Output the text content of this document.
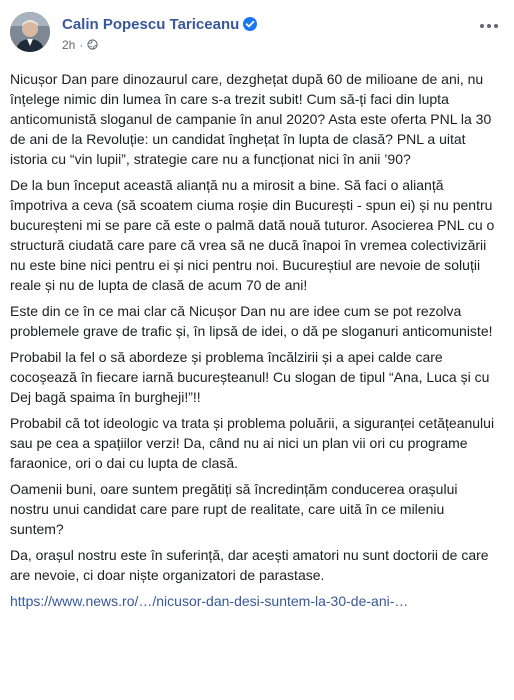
Calin Popescu Tariceanu
2h ·

Nicușor Dan pare dinozaurul care, dezghețat după 60 de milioane de ani, nu înțelege nimic din lumea în care s-a trezit subit! Cum să-ți faci din lupta anticomunistă sloganul de campanie în anul 2020? Asta este oferta PNL la 30 de ani de la Revoluție: un candidat înghețat în lupta de clasă? PNL a uitat istoria cu “vin lupii”, strategie care nu a funcționat nici în anii ’90?

De la bun început această alianță nu a mirosit a bine. Să faci o alianță împotriva a ceva (să scoatem ciuma roșie din București - spun ei) și nu pentru bucureșteni mi se pare că este o palmă dată nouă tuturor. Asocierea PNL cu o structură ciudată care pare că vrea să ne ducă înapoi în vremea colectivizării nu este bine nici pentru ei și nici pentru noi. Bucureștiul are nevoie de soluții reale și nu de lupta de clasă de acum 70 de ani!

Este din ce în ce mai clar că Nicușor Dan nu are idee cum se pot rezolva problemele grave de trafic și, în lipsă de idei, o dă pe sloganuri anticomuniste!

Probabil la fel o să abordeze și problema încălzirii și a apei calde care cocoșează în fiecare iarnă bucureșteanul! Cu slogan de tipul “Ana, Luca și cu Dej bagă spaima în burgheji!”!!

Probabil că tot ideologic va trata și problema poluării, a siguranței cetățeanului sau pe cea a spațiilor verzi! Da, când nu ai nici un plan vii ori cu programe faraonice, ori o dai cu lupta de clasă.

Oamenii buni, oare suntem pregătiți să încredințăm conducerea orașului nostru unui candidat care pare rupt de realitate, care uită în ce mileniu suntem?

Da, orașul nostru este în suferință, dar acești amatori nu sunt doctorii de care are nevoie, ci doar niște organizatori de parastase.

https://www.news.ro/…/nicusor-dan-desi-suntem-la-30-de-ani-…
